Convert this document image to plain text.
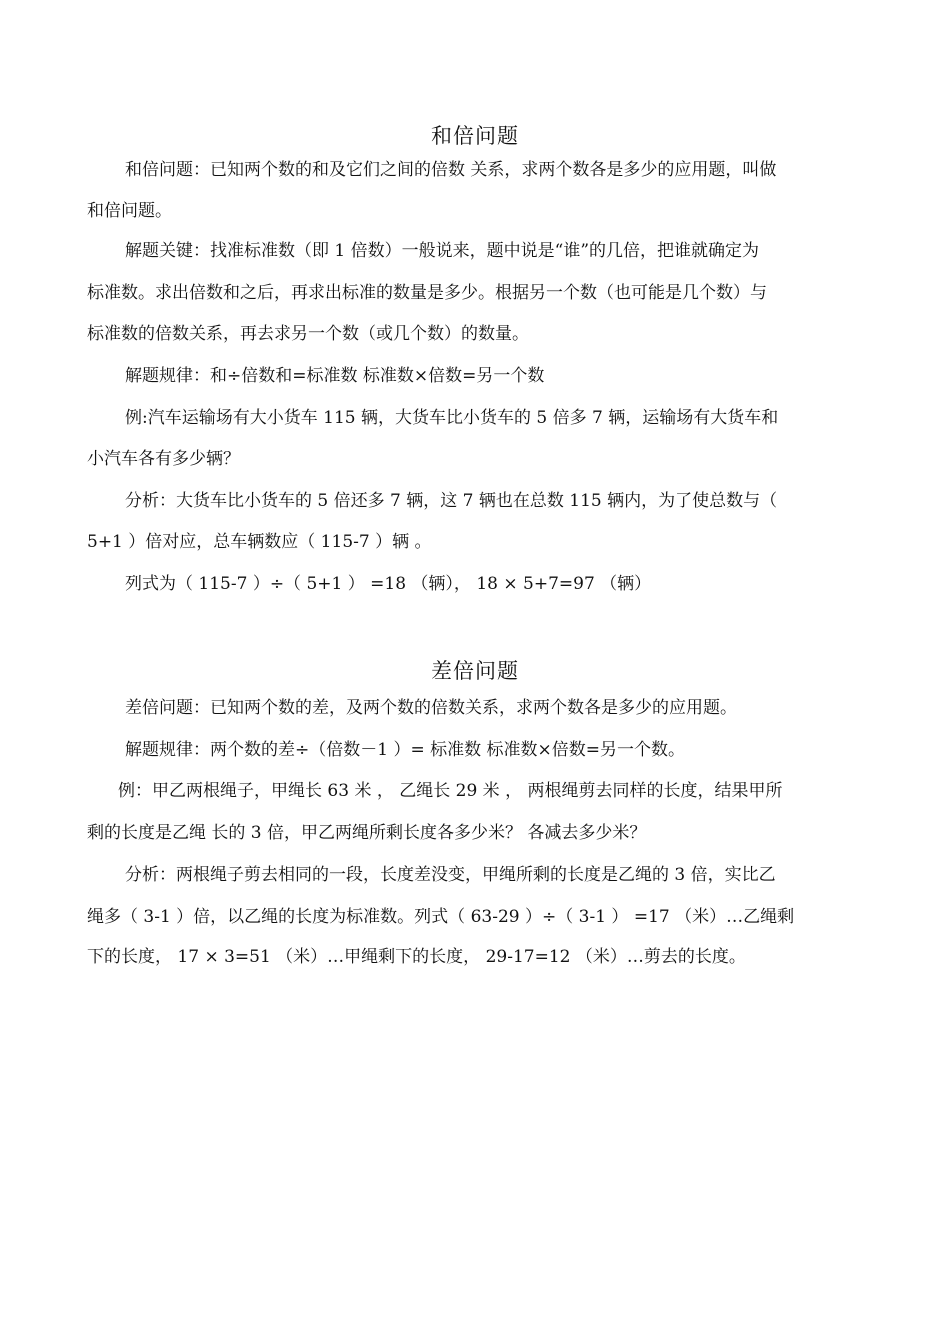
和倍问题
和倍问题：已知两个数的和及它们之间的倍数 关系，求两个数各是多少的应用题，叫做
和倍问题。
解题关键：找准标准数（即 1 倍数）一般说来，题中说是“谁”的几倍，把谁就确定为
标准数。求出倍数和之后，再求出标准的数量是多少。根据另一个数（也可能是几个数）与
标准数的倍数关系，再去求另一个数（或几个数）的数量。
解题规律：和÷倍数和=标准数 标准数×倍数=另一个数
例:汽车运输场有大小货车 115 辆，大货车比小货车的 5 倍多 7 辆，运输场有大货车和
小汽车各有多少辆？
分析：大货车比小货车的 5 倍还多 7 辆，这 7 辆也在总数 115 辆内，为了使总数与（
5+1 ）倍对应，总车辆数应（ 115-7 ）辆 。
列式为（ 115-7 ）÷（ 5+1 ） =18 （辆）， 18 × 5+7=97 （辆）
差倍问题
差倍问题：已知两个数的差，及两个数的倍数关系，求两个数各是多少的应用题。
解题规律：两个数的差÷（倍数－1 ）= 标准数 标准数×倍数=另一个数。
例：甲乙两根绳子，甲绳长 63 米 ， 乙绳长 29 米 ， 两根绳剪去同样的长度，结果甲所
剩的长度是乙绳 长的 3 倍，甲乙两绳所剩长度各多少米？ 各减去多少米？
分析：两根绳子剪去相同的一段，长度差没变，甲绳所剩的长度是乙绳的 3 倍，实比乙
绳多（ 3-1 ）倍，以乙绳的长度为标准数。列式（ 63-29 ）÷（ 3-1 ） =17 （米）…乙绳剩
下的长度， 17 × 3=51 （米）…甲绳剩下的长度， 29-17=12 （米）…剪去的长度。
